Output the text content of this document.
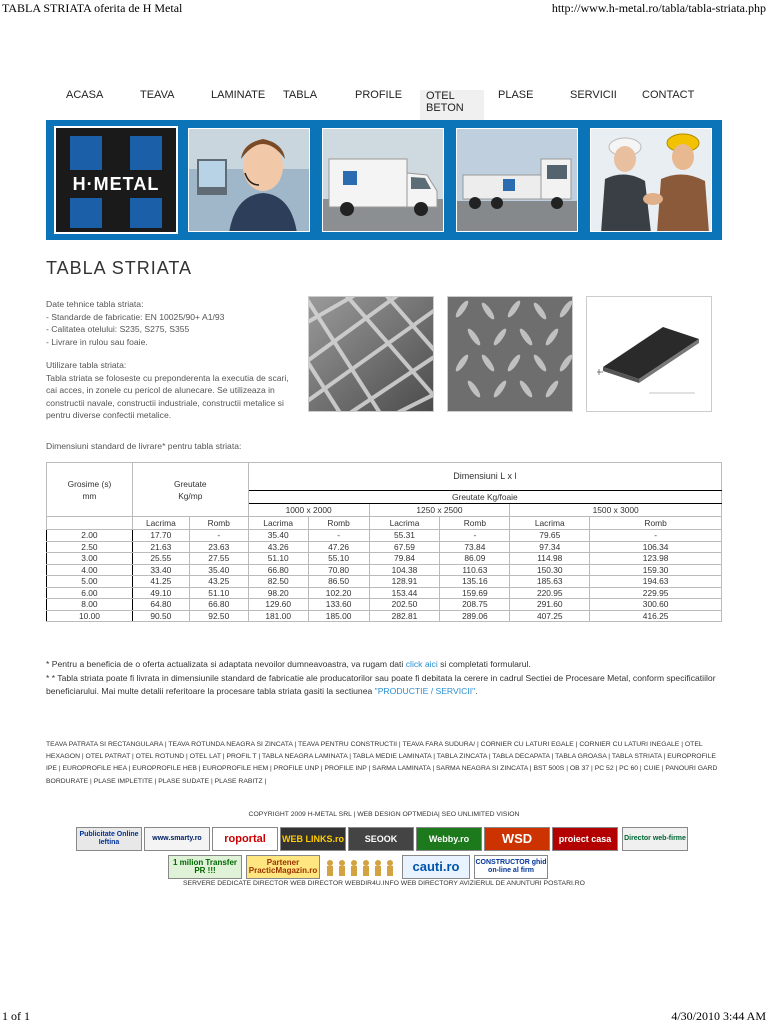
TABLA STRIATA oferita de H Metal	http://www.h-metal.ro/tabla/tabla-striata.php
ACASA	TEAVA	LAMINATE TABLA	PROFILE	OTEL BETON
PLASE	SERVICII CONTACT
H·METAL
TABLA STRIATA

Date tehnice tabla striata:
- Standarde de fabricatie: EN 10025/90+ A1/93
- Calitatea otelului: S235, S275, S355
- Livrare in rulou sau foaie.

Utilizare tabla striata:
Tabla striata se foloseste cu preponderenta la executia de scari, cai acces, in zonele cu pericol de alunecare. Se utilizeaza in constructii navale, constructii industriale, constructii metalice si pentru diverse confectii metalice.

Dimensiuni standard de livrare* pentru tabla striata:
Grosime (s) mm	Greutate Kg/mp		Dimensiuni L x l					
			Greutate Kg/foaie					
			1000 x 2000		1250 x 2500		1500 x 3000	
	Lacrima	Romb	Lacrima	Romb	Lacrima	Romb	Lacrima	Romb
2.00	17.70	-	35.40	-	55.31	-	79.65	-
2.50	21.63	23.63	43.26	47.26	67.59	73.84	97.34	106.34
3.00	25.55	27.55	51.10	55.10	79.84	86.09	114.98	123.98
4.00	33.40	35.40	66.80	70.80	104.38	110.63	150.30	159.30
5.00	41.25	43.25	82.50	86.50	128.91	135.16	185.63	194.63
6.00	49.10	51.10	98.20	102.20	153.44	159.69	220.95	229.95
8.00	64.80	66.80	129.60	133.60	202.50	208.75	291.60	300.60
10.00	90.50	92.50	181.00	185.00	282.81	289.06	407.25	416.25
* Pentru a beneficia de o oferta actualizata si adaptata nevoilor dumneavoastra, va rugam dati click aici si completati formularul.
* * Tabla striata poate fi livrata in dimensiunile standard de fabricatie ale producatorilor sau poate fi debitata la cerere in cadrul Sectiei de Procesare Metal, conform specificatiilor beneficiarului. Mai multe detalii referitoare la procesare tabla striata gasiti la sectiunea "PRODUCTIE / SERVICII".
TEAVA PATRATA SI RECTANGULARA | TEAVA ROTUNDA NEAGRA SI ZINCATA | TEAVA PENTRU CONSTRUCTII | TEAVA FARA SUDURA/ | CORNIER CU LATURI EGALE | CORNIER CU LATURI INEGALE | OTEL HEXAGON | OTEL PATRAT | OTEL ROTUND | OTEL LAT | PROFIL T | TABLA NEAGRA LAMINATA | TABLA MEDIE LAMINATA | TABLA ZINCATA | TABLA DECAPATA | TABLA GROASA | TABLA STRIATA | EUROPROFILE IPE | EUROPROFILE HEA | EUROPROFILE HEB | EUROPROFILE HEM | PROFILE UNP | PROFILE INP | SARMA LAMINATA | SARMA NEAGRA SI ZINCATA | BST 500S | OB 37 | PC 52 | PC 60 | CUIE | PANOURI GARD BORDURATE | PLASE IMPLETITE | PLASE SUDATE | PLASE RABITZ |
COPYRIGHT 2009 H-METAL SRL | WEB DESIGN OPTMEDIA| SEO UNLIMITED VISION
Publicitate Online Ieftina
www.smarty.ro	roportal	WEB LINKS.ro	SEOOK	Webby.ro	WSD	proiect casa	Director web-firme
1 milion Transfer PR !!!
Partener PracticMagazin.ro	cauti.ro	CONSTRUCTOR ghid on-line al firm
SERVERE DEDICATE DIRECTOR WEB DIRECTOR WEBDIR4U.INFO WEB DIRECTORY AVIZIERUL DE ANUNTURI POSTARI.RO
1 of 1	4/30/2010 3:44 AM
